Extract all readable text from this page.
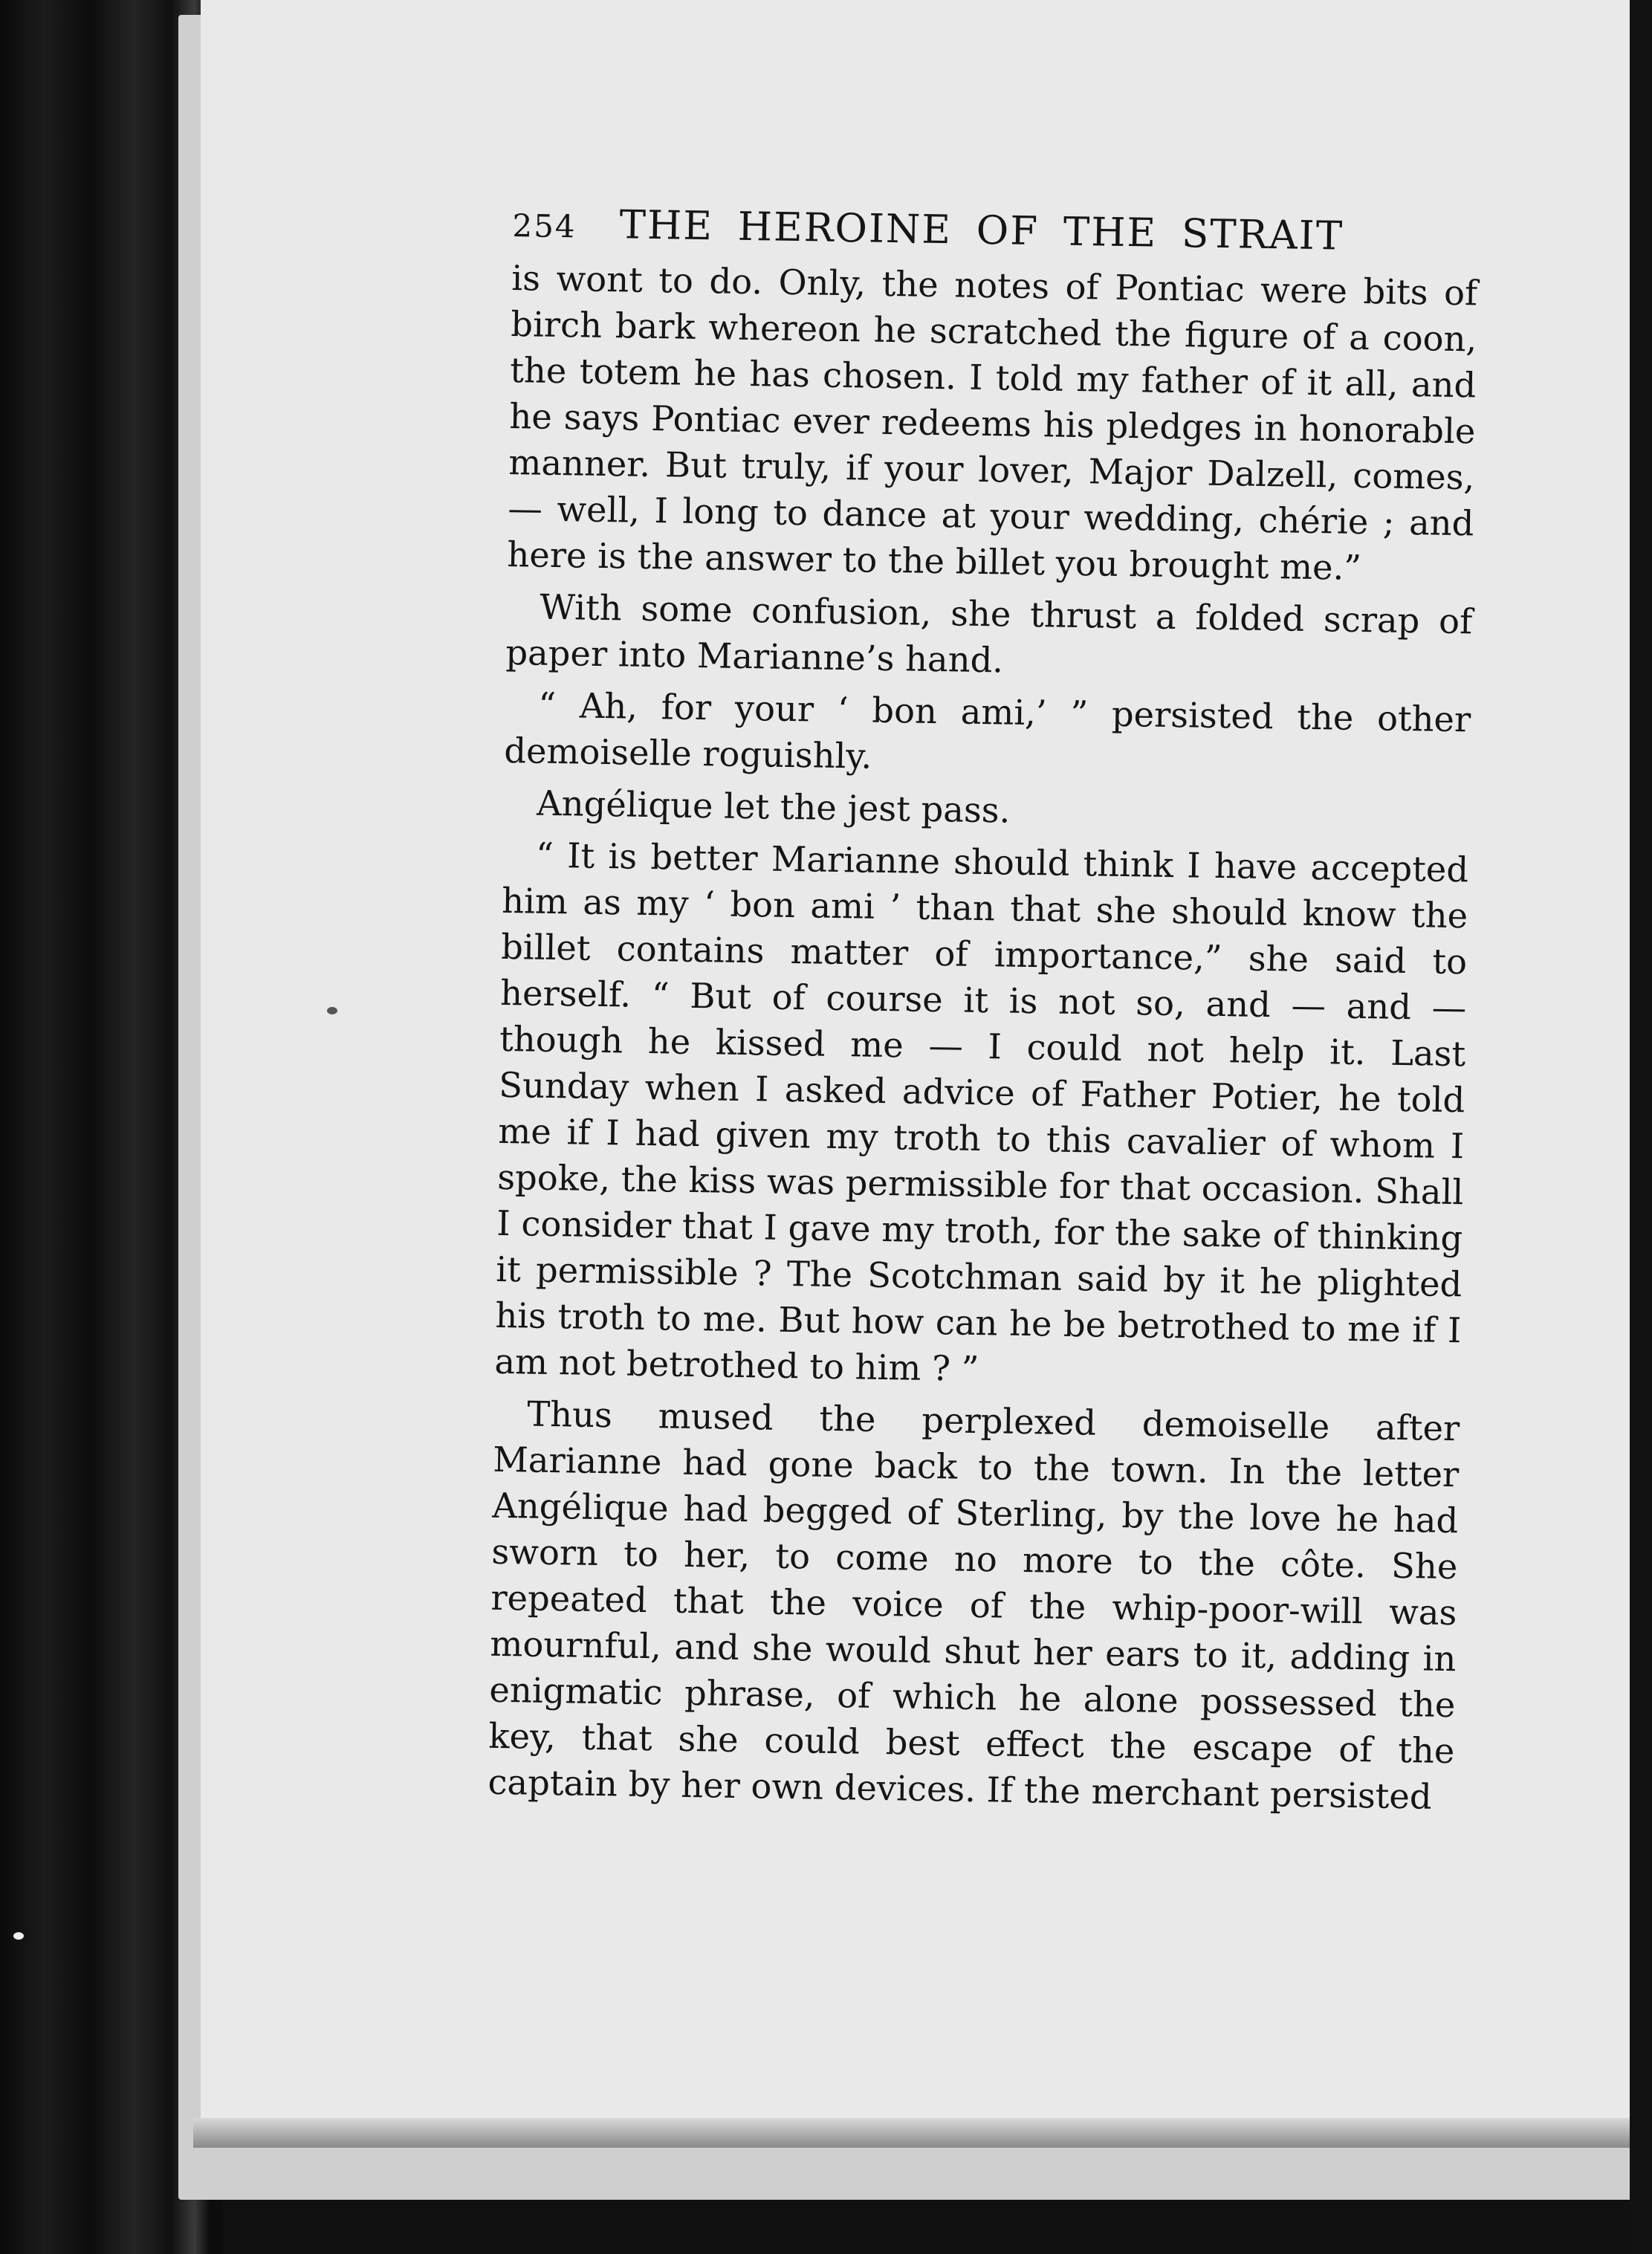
254 THE HEROINE OF THE STRAIT

is wont to do. Only, the notes of Pontiac were bits of birch bark whereon he scratched the figure of a coon, the totem he has chosen. I told my father of it all, and he says Pontiac ever redeems his pledges in honorable manner. But truly, if your lover, Major Dalzell, comes, — well, I long to dance at your wedding, chérie ; and here is the answer to the billet you brought me.”

With some confusion, she thrust a folded scrap of paper into Marianne’s hand.

“ Ah, for your ‘ bon ami,’ ” persisted the other demoiselle roguishly.

Angélique let the jest pass.

“ It is better Marianne should think I have accepted him as my ‘ bon ami ’ than that she should know the billet contains matter of importance,” she said to herself. “ But of course it is not so, and — and — though he kissed me — I could not help it. Last Sunday when I asked advice of Father Potier, he told me if I had given my troth to this cavalier of whom I spoke, the kiss was permissible for that occasion. Shall I consider that I gave my troth, for the sake of thinking it permissible ? The Scotchman said by it he plighted his troth to me. But how can he be betrothed to me if I am not betrothed to him ? ”

Thus mused the perplexed demoiselle after Marianne had gone back to the town. In the letter Angélique had begged of Sterling, by the love he had sworn to her, to come no more to the côte. She repeated that the voice of the whip-poor-will was mournful, and she would shut her ears to it, adding in enigmatic phrase, of which he alone possessed the key, that she could best effect the escape of the captain by her own devices. If the merchant persisted
